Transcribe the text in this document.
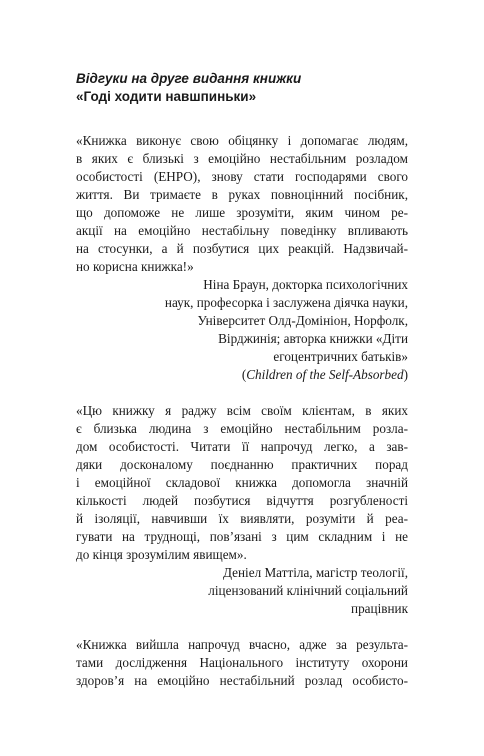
Відгуки на друге видання книжки
«Годі ходити навшпиньки»
«Книжка виконує свою обіцянку і допомагає людям,
в яких є близькі з емоційно нестабільним розладом
особистості (ЕНРО), знову стати господарями свого
життя. Ви тримаєте в руках повноцінний посібник,
що допоможе не лише зрозуміти, яким чином ре-
акції на емоційно нестабільну поведінку впливають
на стосунки, а й позбутися цих реакцій. Надзвичай-
но корисна книжка!»
Ніна Браун, докторка психологічних
наук, професорка і заслужена діячка науки,
Університет Олд-Домініон, Норфолк,
Вірджинія; авторка книжки «Діти
егоцентричних батьків»
(Children of the Self-Absorbed)
«Цю книжку я раджу всім своїм клієнтам, в яких
є близька людина з емоційно нестабільним розла-
дом особистості. Читати її напрочуд легко, а зав-
дяки досконалому поєднанню практичних порад
і емоційної складової книжка допомогла значній
кількості людей позбутися відчуття розгубленості
й ізоляції, навчивши їх виявляти, розуміти й реа-
гувати на труднощі, пов’язані з цим складним і не
до кінця зрозумілим явищем».
Деніел Маттіла, магістр теології,
ліцензований клінічний соціальний
працівник
«Книжка вийшла напрочуд вчасно, адже за результа-
тами дослідження Національного інституту охорони
здоров’я на емоційно нестабільний розлад особисто-
